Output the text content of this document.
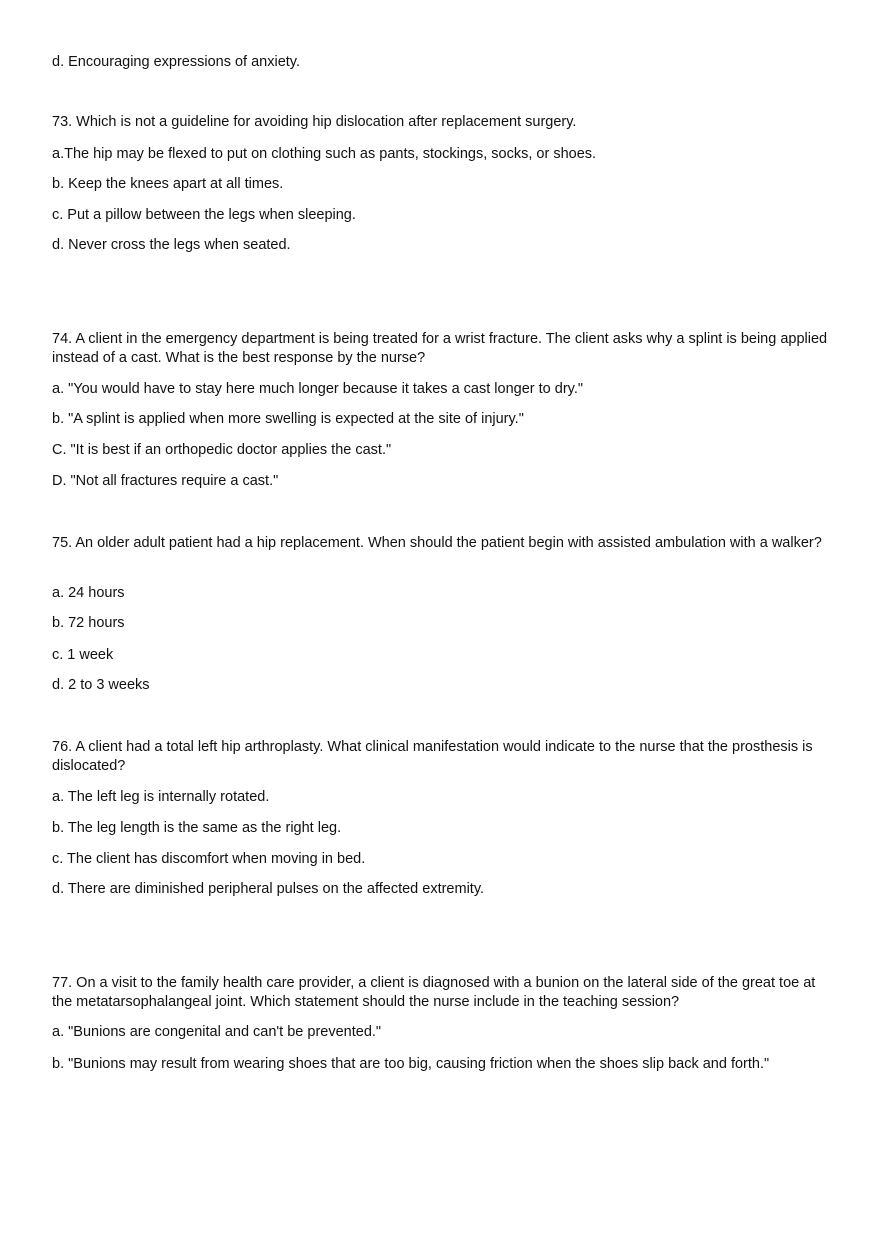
d. Encouraging expressions of anxiety.
73. Which is not a guideline for avoiding hip dislocation after replacement surgery.
a.The hip may be flexed to put on clothing such as pants, stockings, socks, or shoes.
b. Keep the knees apart at all times.
c. Put a pillow between the legs when sleeping.
d. Never cross the legs when seated.
74. A client in the emergency department is being treated for a wrist fracture. The client asks why a splint is being applied instead of a cast. What is the best response by the nurse?
a. "You would have to stay here much longer because it takes a cast longer to dry."
b. "A splint is applied when more swelling is expected at the site of injury."
C. "It is best if an orthopedic doctor applies the cast."
D. "Not all fractures require a cast."
75. An older adult patient had a hip replacement. When should the patient begin with assisted ambulation with a walker?
a. 24 hours
b. 72 hours
c. 1 week
d. 2 to 3 weeks
76. A client had a total left hip arthroplasty. What clinical manifestation would indicate to the nurse that the prosthesis is dislocated?
a. The left leg is internally rotated.
b. The leg length is the same as the right leg.
c. The client has discomfort when moving in bed.
d. There are diminished peripheral pulses on the affected extremity.
77. On a visit to the family health care provider, a client is diagnosed with a bunion on the lateral side of the great toe at the metatarsophalangeal joint. Which statement should the nurse include in the teaching session?
a. "Bunions are congenital and can't be prevented."
b. "Bunions may result from wearing shoes that are too big, causing friction when the shoes slip back and forth."
